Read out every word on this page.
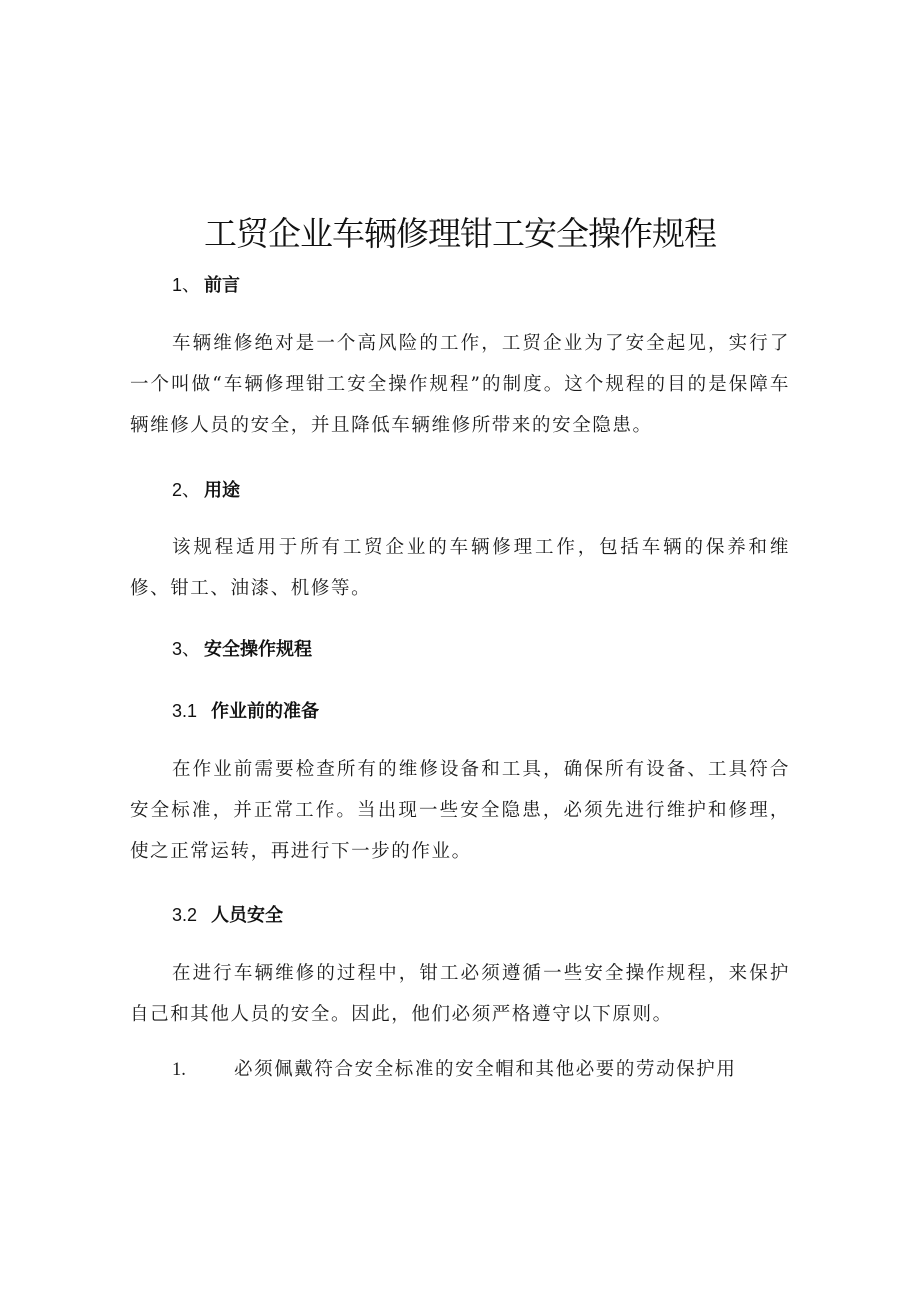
工贸企业车辆修理钳工安全操作规程
1、 前言

车辆维修绝对是一个高风险的工作，工贸企业为了安全起见，实行了一个叫做“车辆修理钳工安全操作规程”的制度。这个规程的目的是保障车辆维修人员的安全，并且降低车辆维修所带来的安全隐患。

2、 用途

该规程适用于所有工贸企业的车辆修理工作，包括车辆的保养和维修、钳工、油漆、机修等。

3、 安全操作规程
3.1 作业前的准备

在作业前需要检查所有的维修设备和工具，确保所有设备、工具符合安全标准，并正常工作。当出现一些安全隐患，必须先进行维护和修理，使之正常运转，再进行下一步的作业。

3.2 人员安全

在进行车辆维修的过程中，钳工必须遵循一些安全操作规程，来保护自己和其他人员的安全。因此，他们必须严格遵守以下原则。

1.	必须佩戴符合安全标准的安全帽和其他必要的劳动保护用
